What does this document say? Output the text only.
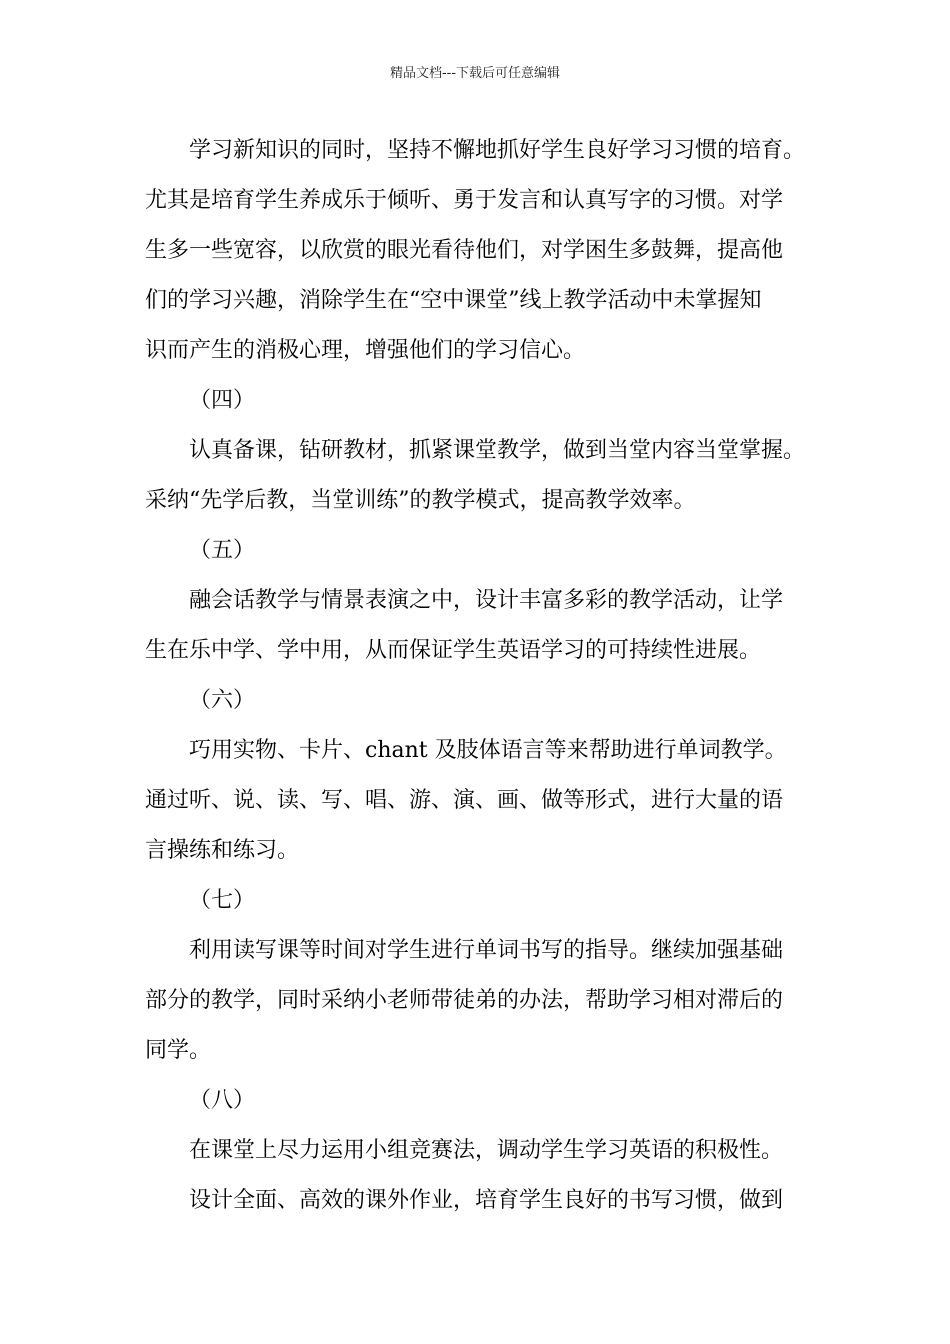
精品文档---下载后可任意编辑
学习新知识的同时，坚持不懈地抓好学生良好学习习惯的培育。
尤其是培育学生养成乐于倾听、勇于发言和认真写字的习惯。对学
生多一些宽容，以欣赏的眼光看待他们，对学困生多鼓舞，提高他
们的学习兴趣，消除学生在“空中课堂”线上教学活动中未掌握知
识而产生的消极心理，增强他们的学习信心。
（四）
认真备课，钻研教材，抓紧课堂教学，做到当堂内容当堂掌握。
采纳“先学后教，当堂训练”的教学模式，提高教学效率。
（五）
融会话教学与情景表演之中，设计丰富多彩的教学活动，让学
生在乐中学、学中用，从而保证学生英语学习的可持续性进展。
（六）
巧用实物、卡片、chant 及肢体语言等来帮助进行单词教学。
通过听、说、读、写、唱、游、演、画、做等形式，进行大量的语
言操练和练习。
（七）
利用读写课等时间对学生进行单词书写的指导。继续加强基础
部分的教学，同时采纳小老师带徒弟的办法，帮助学习相对滞后的
同学。
（八）
在课堂上尽力运用小组竞赛法，调动学生学习英语的积极性。
设计全面、高效的课外作业，培育学生良好的书写习惯，做到
